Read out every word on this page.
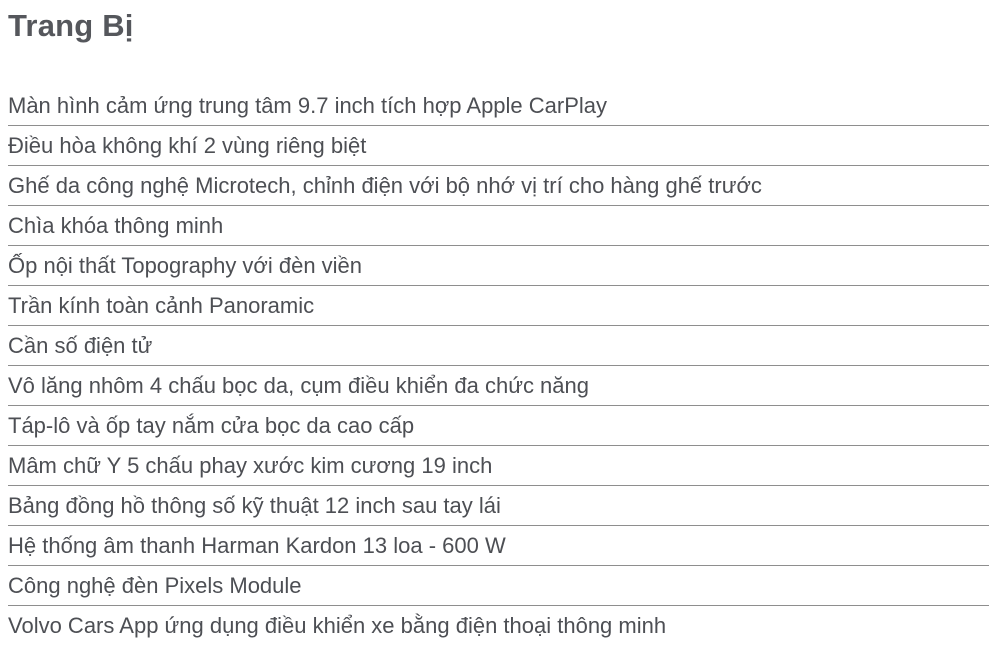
Trang Bị
Màn hình cảm ứng trung tâm 9.7 inch tích hợp Apple CarPlay
Điều hòa không khí 2 vùng riêng biệt
Ghế da công nghệ Microtech, chỉnh điện với bộ nhớ vị trí cho hàng ghế trước
Chìa khóa thông minh
Ốp nội thất Topography với đèn viền
Trần kính toàn cảnh Panoramic
Cần số điện tử
Vô lăng nhôm 4 chấu bọc da, cụm điều khiển đa chức năng
Táp-lô và ốp tay nắm cửa bọc da cao cấp
Mâm chữ Y 5 chấu phay xước kim cương 19 inch
Bảng đồng hồ thông số kỹ thuật 12 inch sau tay lái
Hệ thống âm thanh Harman Kardon 13 loa - 600 W
Công nghệ đèn Pixels Module
Volvo Cars App ứng dụng điều khiển xe bằng điện thoại thông minh
